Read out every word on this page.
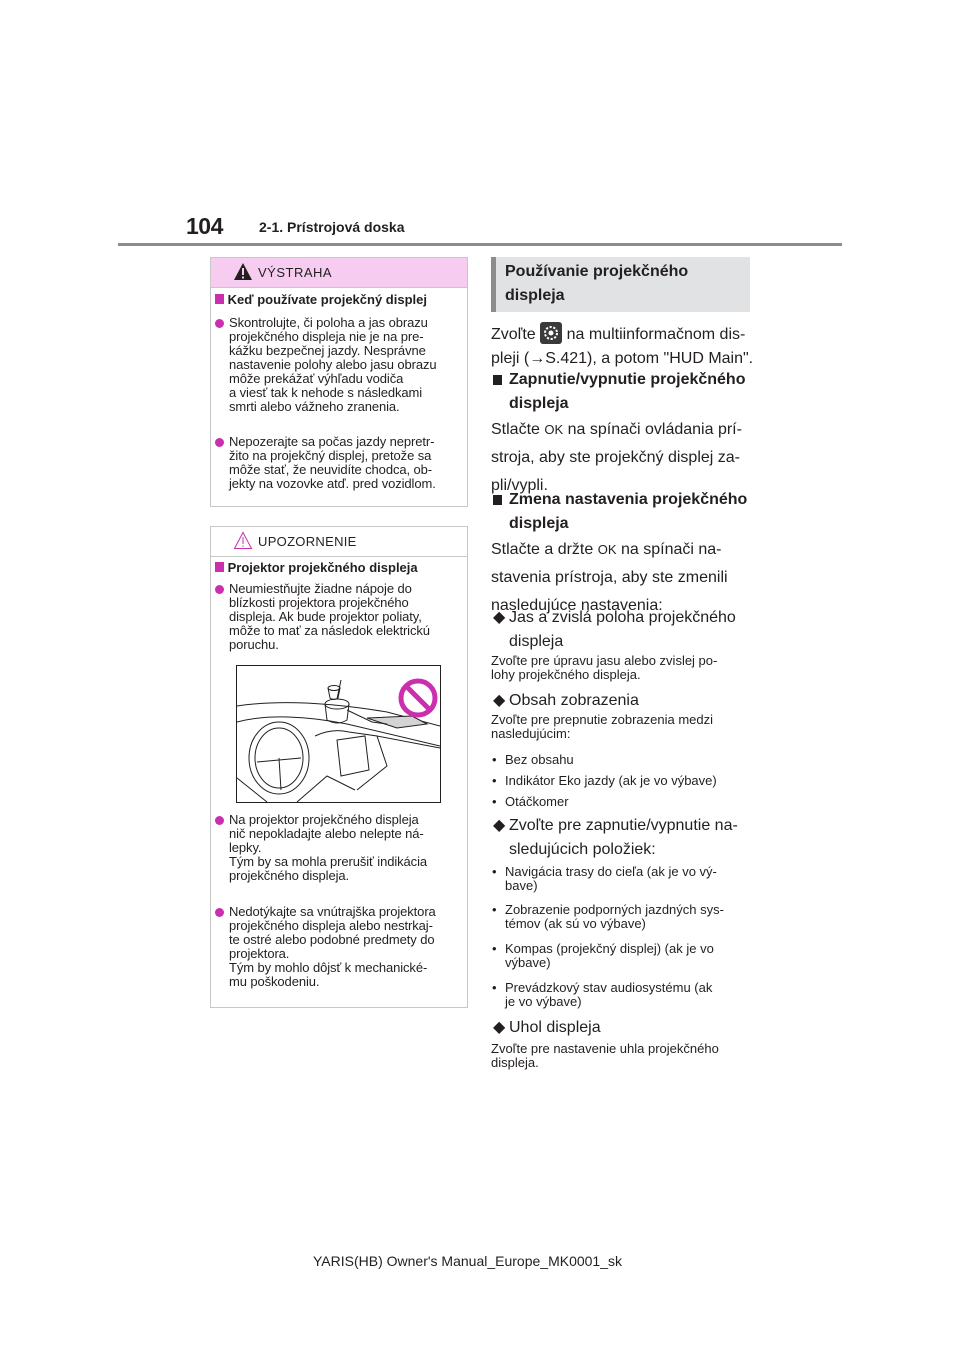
104	2-1. Prístrojová doska
VÝSTRAHA
Keď používate projekčný displej
Skontrolujte, či poloha a jas obrazu
projekčného displeja nie je na pre-
kážku bezpečnej jazdy. Nesprávne
nastavenie polohy alebo jasu obrazu
môže prekážať výhľadu vodiča
a viesť tak k nehode s následkami
smrti alebo vážneho zranenia.
Nepozerajte sa počas jazdy nepretr-
žito na projekčný displej, pretože sa
môže stať, že neuvidíte chodca, ob-
jekty na vozovke atď. pred vozidlom.
UPOZORNENIE
Projektor projekčného displeja
Neumiestňujte žiadne nápoje do
blízkosti projektora projekčného
displeja. Ak bude projektor poliaty,
môže to mať za následok elektrickú
poruchu.
Na projektor projekčného displeja
nič nepokladajte alebo nelepte ná-
lepky.
Tým by sa mohla prerušiť indikácia
projekčného displeja.
Nedotýkajte sa vnútrajška projektora
projekčného displeja alebo nestrkaj-
te ostré alebo podobné predmety do
projektora.
Tým by mohlo dôjsť k mechanické-
mu poškodeniu.
Používanie projekčného
displeja
Zvoľte na multiinformačnom dis-
pleji (→S.421), a potom "HUD Main".
Zapnutie/vypnutie projekčného
displeja
Stlačte OK na spínači ovládania prí-
stroja, aby ste projekčný displej za-
pli/vypli.
Zmena nastavenia projekčného
displeja
Stlačte a držte OK na spínači na-
stavenia prístroja, aby ste zmenili
nasledujúce nastavenia:
◆ Jas a zvislá poloha projekčného
displeja
Zvoľte pre úpravu jasu alebo zvislej po-
lohy projekčného displeja.
◆ Obsah zobrazenia
Zvoľte pre prepnutie zobrazenia medzi
nasledujúcim:
• Bez obsahu
• Indikátor Eko jazdy (ak je vo výbave)
• Otáčkomer
◆ Zvoľte pre zapnutie/vypnutie na-
sledujúcich položiek:
• Navigácia trasy do cieľa (ak je vo vý-
bave)
• Zobrazenie podporných jazdných sys-
témov (ak sú vo výbave)
• Kompas (projekčný displej) (ak je vo
výbave)
• Prevádzkový stav audiosystému (ak
je vo výbave)
◆ Uhol displeja
Zvoľte pre nastavenie uhla projekčného
displeja.
YARIS(HB) Owner's Manual_Europe_MK0001_sk
